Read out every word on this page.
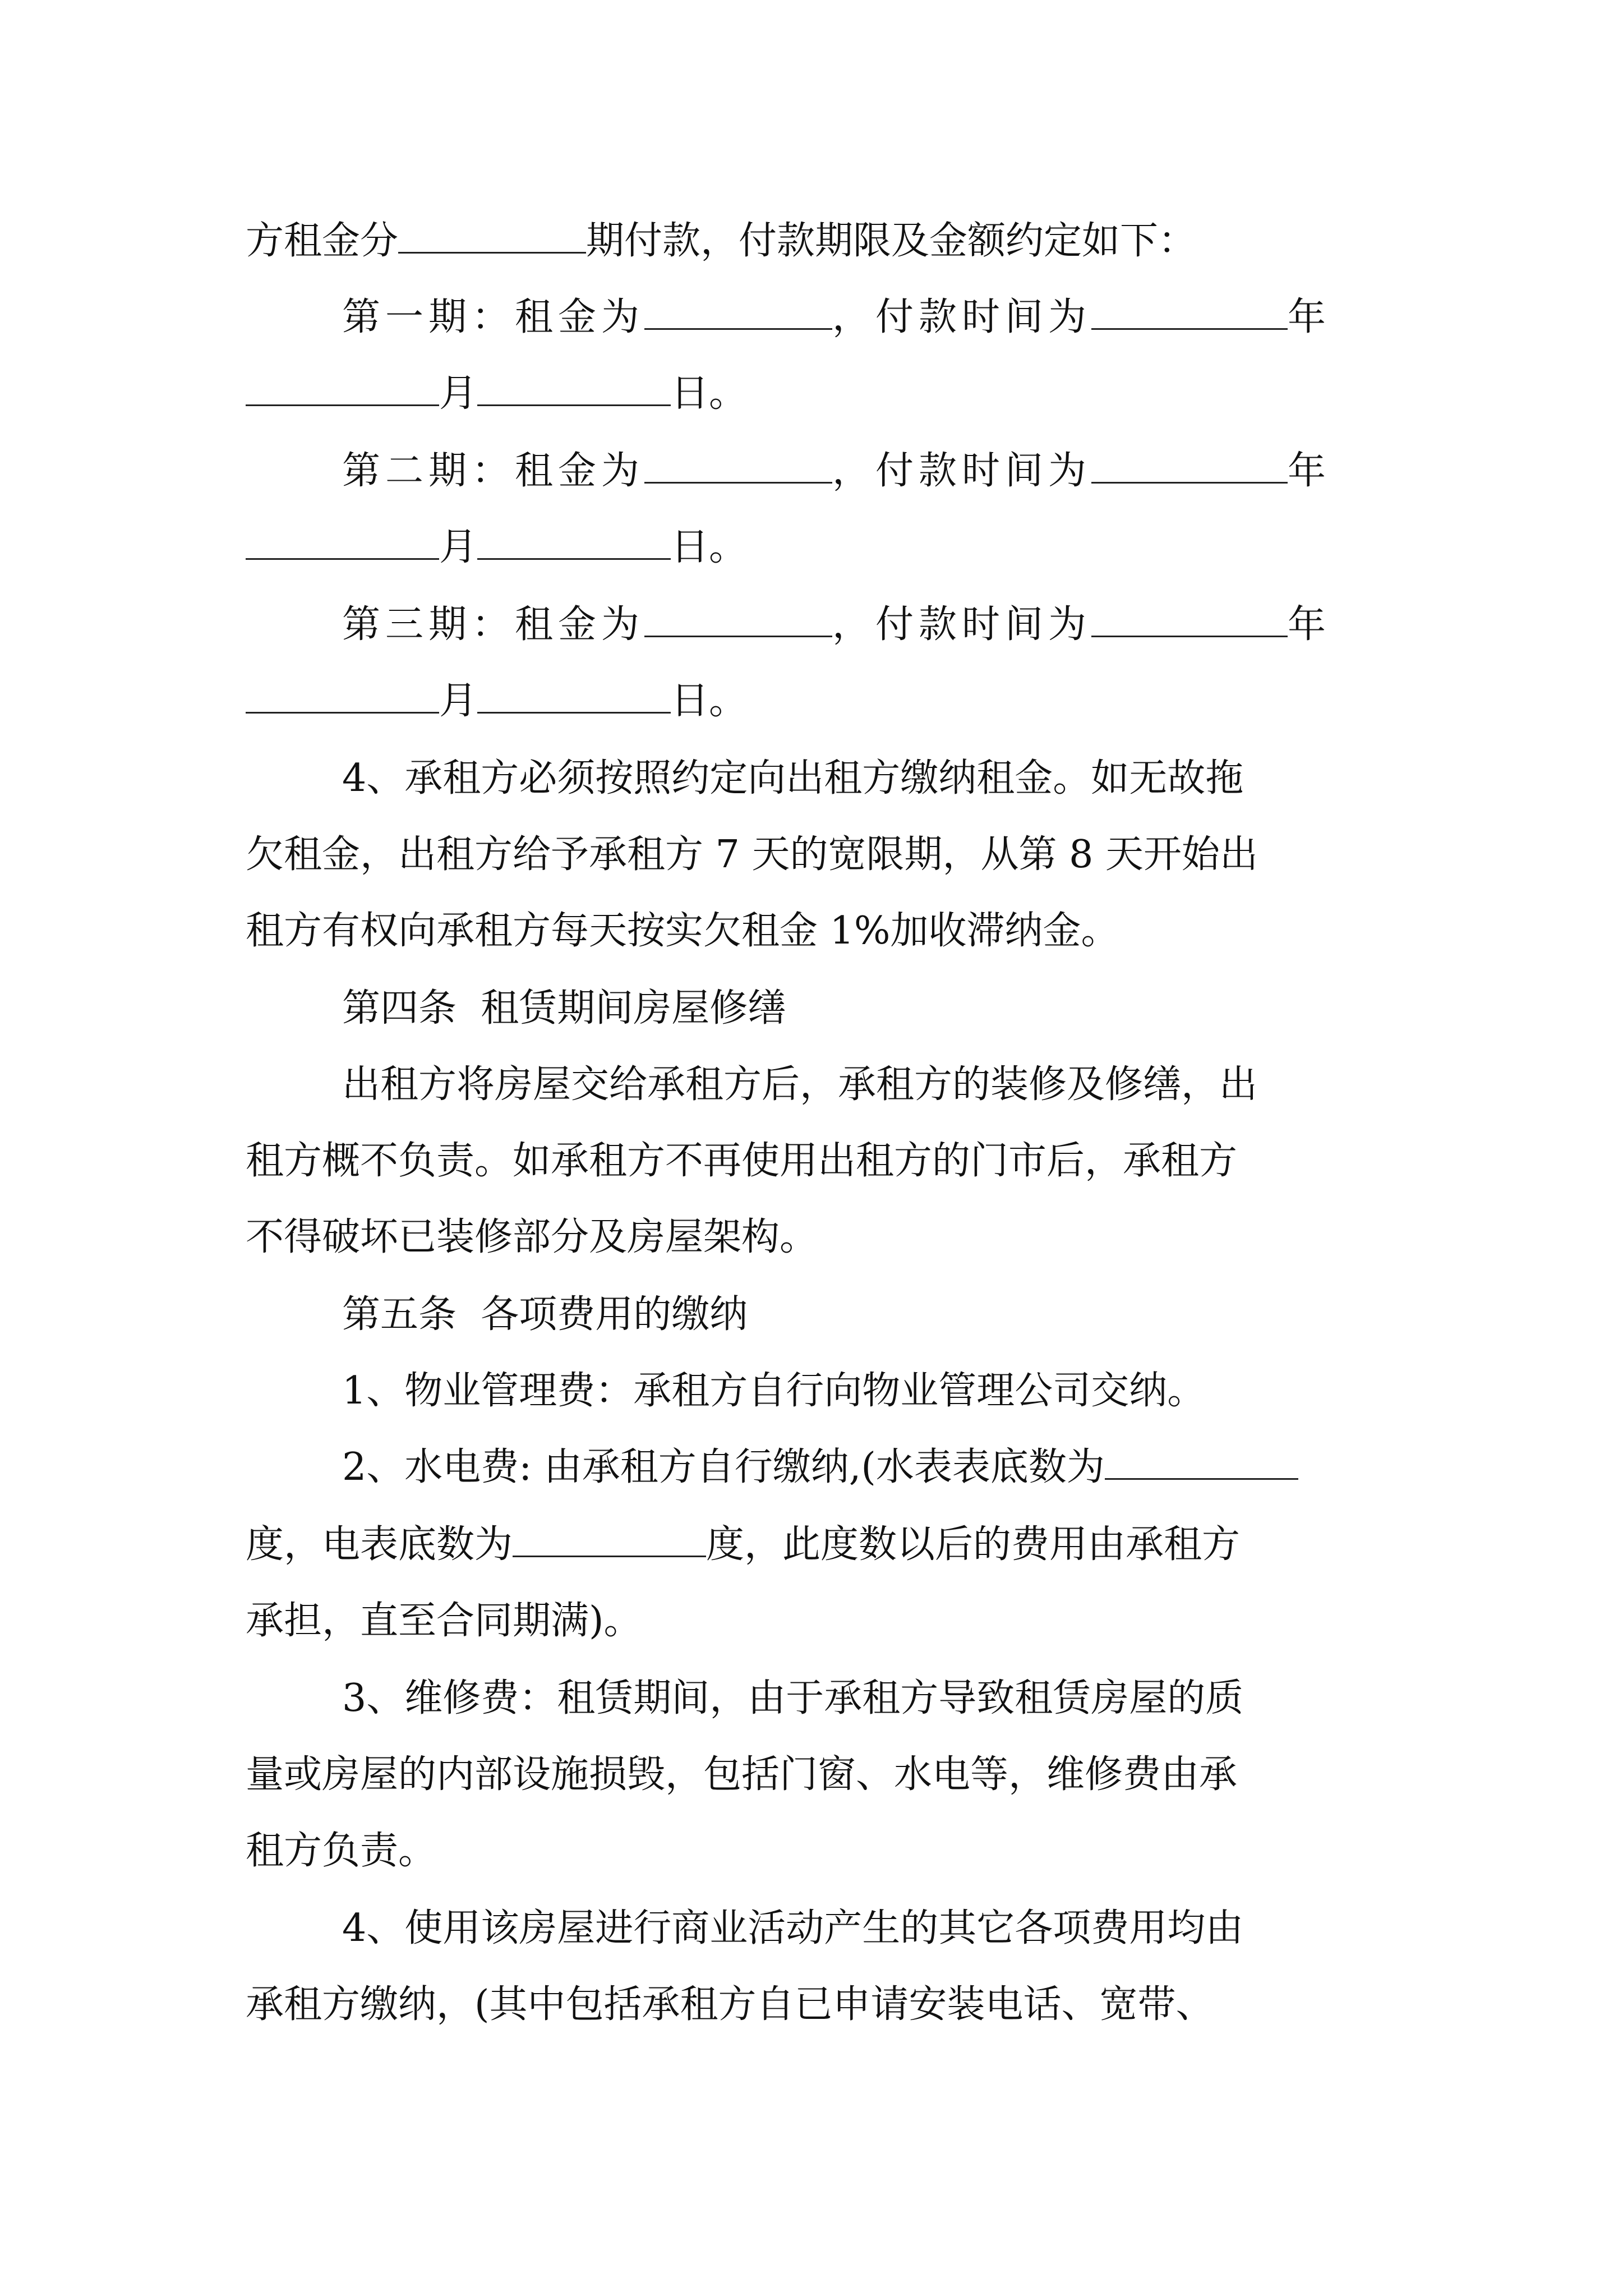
方租金分	期付款，付款期限及金额约定如下：
第一期：租金为	，付款时间为	年
月	日。
第二期：租金为	，付款时间为	年
月	日。
第三期：租金为	，付款时间为	年
月	日。
4、承租方必须按照约定向出租方缴纳租金。如无故拖
欠租金，出租方给予承租方 7 天的宽限期，从第 8 天开始出
租方有权向承租方每天按实欠租金 1%加收滞纳金。
第四条  租赁期间房屋修缮
出租方将房屋交给承租方后，承租方的装修及修缮，出
租方概不负责。如承租方不再使用出租方的门市后，承租方
不得破坏已装修部分及房屋架构。
第五条  各项费用的缴纳
1、物业管理费：承租方自行向物业管理公司交纳。
2、水电费: 由承租方自行缴纳,(水表表底数为
度，电表底数为	度，此度数以后的费用由承租方
承担，直至合同期满)。
3、维修费：租赁期间，由于承租方导致租赁房屋的质
量或房屋的内部设施损毁，包括门窗、水电等，维修费由承
租方负责。
4、使用该房屋进行商业活动产生的其它各项费用均由
承租方缴纳，(其中包括承租方自已申请安装电话、宽带、
